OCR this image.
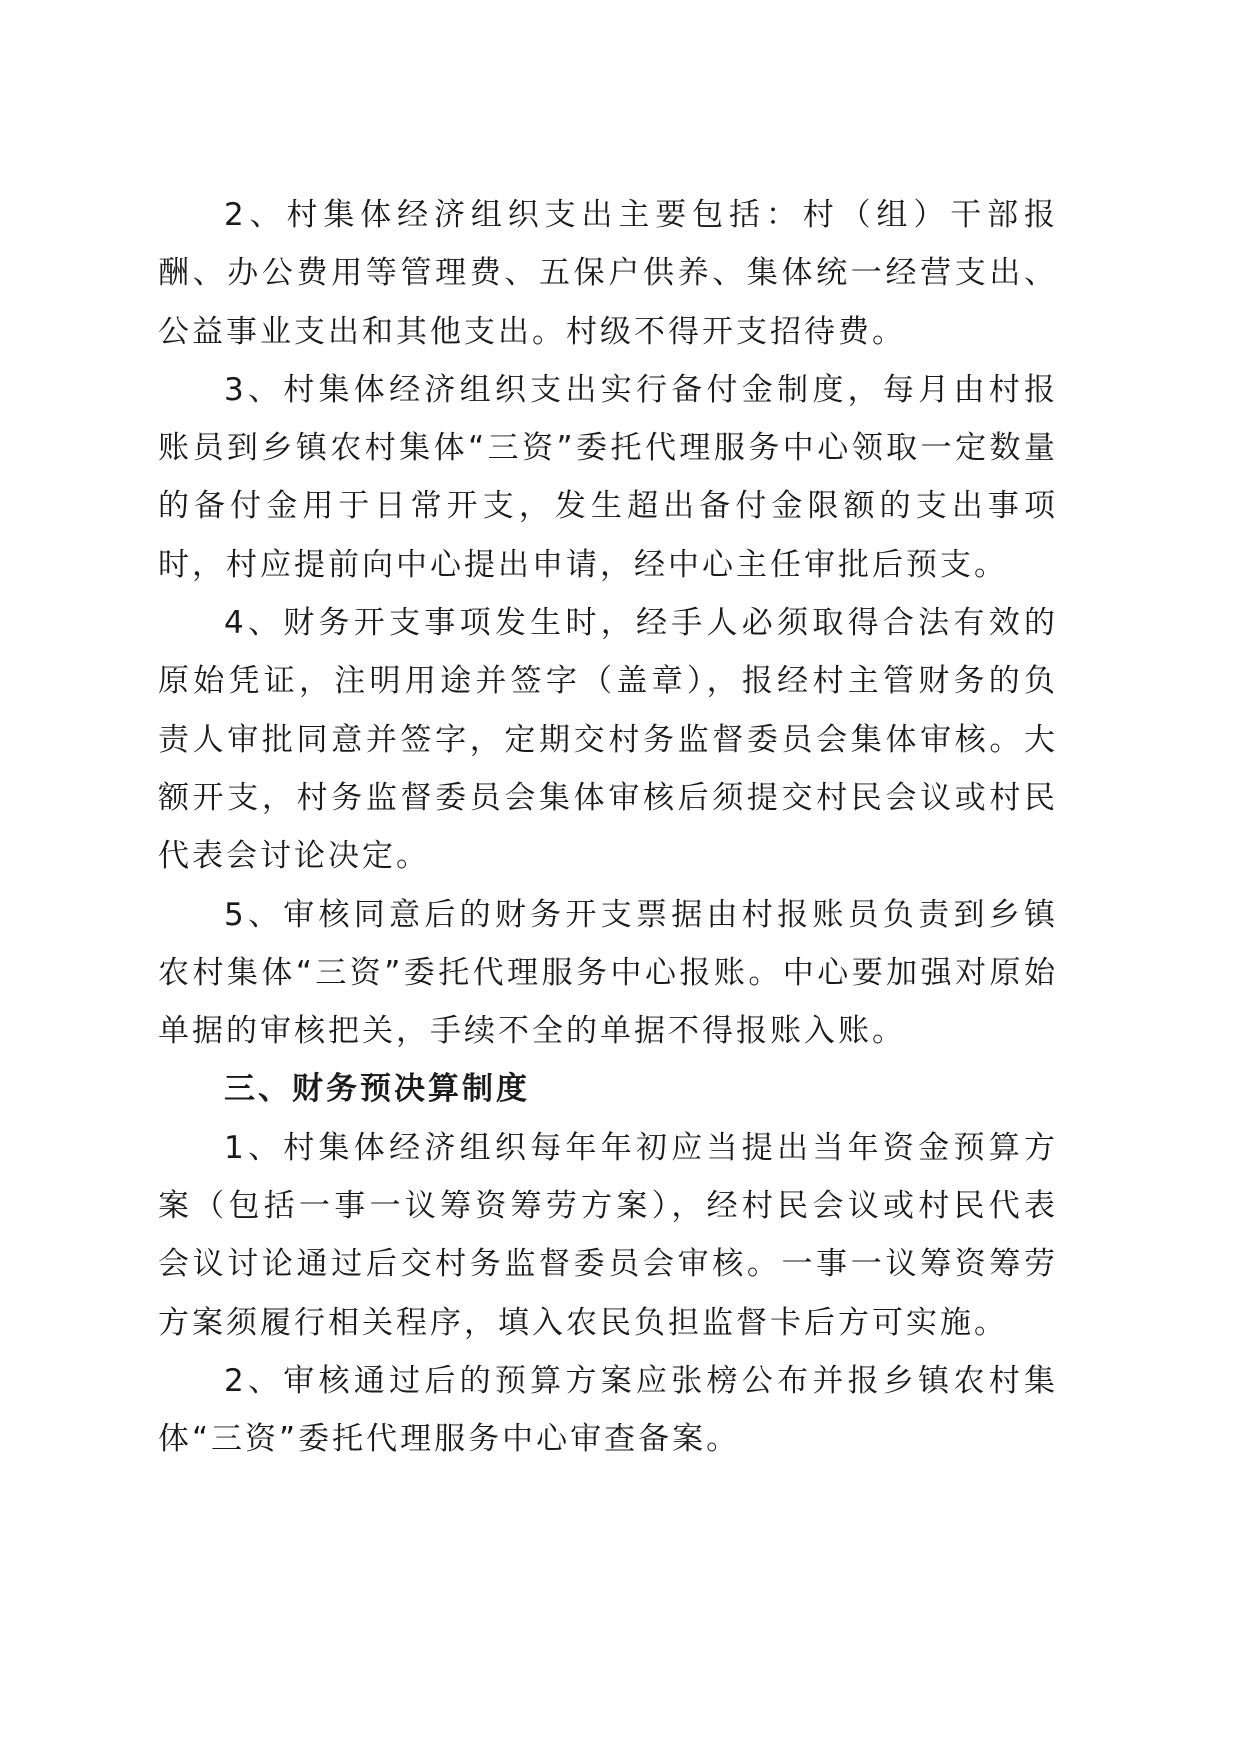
2、村集体经济组织支出主要包括：村（组）干部报酬、办公费用等管理费、五保户供养、集体统一经营支出、公益事业支出和其他支出。村级不得开支招待费。

3、村集体经济组织支出实行备付金制度，每月由村报账员到乡镇农村集体“三资”委托代理服务中心领取一定数量的备付金用于日常开支，发生超出备付金限额的支出事项时，村应提前向中心提出申请，经中心主任审批后预支。

4、财务开支事项发生时，经手人必须取得合法有效的原始凭证，注明用途并签字（盖章），报经村主管财务的负责人审批同意并签字，定期交村务监督委员会集体审核。大额开支，村务监督委员会集体审核后须提交村民会议或村民代表会讨论决定。

5、审核同意后的财务开支票据由村报账员负责到乡镇农村集体“三资”委托代理服务中心报账。中心要加强对原始单据的审核把关，手续不全的单据不得报账入账。

三、财务预决算制度

1、村集体经济组织每年年初应当提出当年资金预算方案（包括一事一议筹资筹劳方案），经村民会议或村民代表会议讨论通过后交村务监督委员会审核。一事一议筹资筹劳方案须履行相关程序，填入农民负担监督卡后方可实施。

2、审核通过后的预算方案应张榜公布并报乡镇农村集体“三资”委托代理服务中心审查备案。
